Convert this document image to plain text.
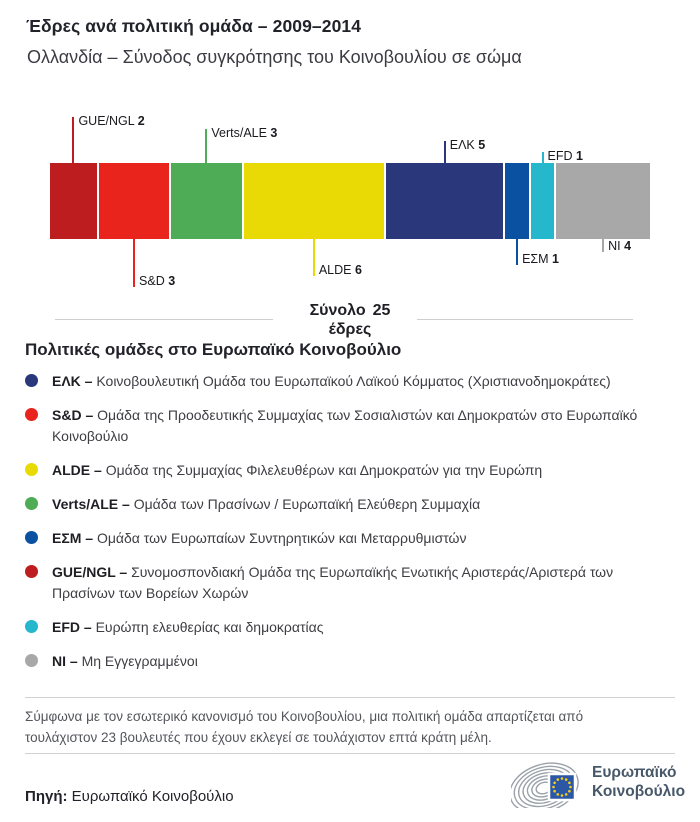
Έδρες ανά πολιτική ομάδα – 2009–2014
Ολλανδία – Σύνοδος συγκρότησης του Κοινοβουλίου σε σώμα
GUE/NGL 2
S&D 3
Verts/ALE 3
ALDE 6
ΕΛΚ 5
ΕΣΜ 1
EFD 1
NI 4
Σύνολο 25
έδρες
Πολιτικές ομάδες στο Ευρωπαϊκό Κοινοβούλιο
ΕΛΚ – Κοινοβουλευτική Ομάδα του Ευρωπαϊκού Λαϊκού Κόμματος (Χριστιανοδημοκράτες)
S&D – Ομάδα της Προοδευτικής Συμμαχίας των Σοσιαλιστών και Δημοκρατών στο Ευρωπαϊκό Κοινοβούλιο
ALDE – Ομάδα της Συμμαχίας Φιλελευθέρων και Δημοκρατών για την Ευρώπη
Verts/ALE – Ομάδα των Πρασίνων / Ευρωπαϊκή Ελεύθερη Συμμαχία
ΕΣΜ – Ομάδα των Ευρωπαίων Συντηρητικών και Μεταρρυθμιστών
GUE/NGL – Συνομοσπονδιακή Ομάδα της Ευρωπαϊκής Ενωτικής Αριστεράς/Αριστερά των Πρασίνων των Βορείων Χωρών
EFD – Ευρώπη ελευθερίας και δημοκρατίας
NI – Μη Εγγεγραμμένοι
Σύμφωνα με τον εσωτερικό κανονισμό του Κοινοβουλίου, μια πολιτική ομάδα απαρτίζεται από τουλάχιστον 23 βουλευτές που έχουν εκλεγεί σε τουλάχιστον επτά κράτη μέλη.
Πηγή: Ευρωπαϊκό Κοινοβούλιο
Ευρωπαϊκό
Κοινοβούλιο
